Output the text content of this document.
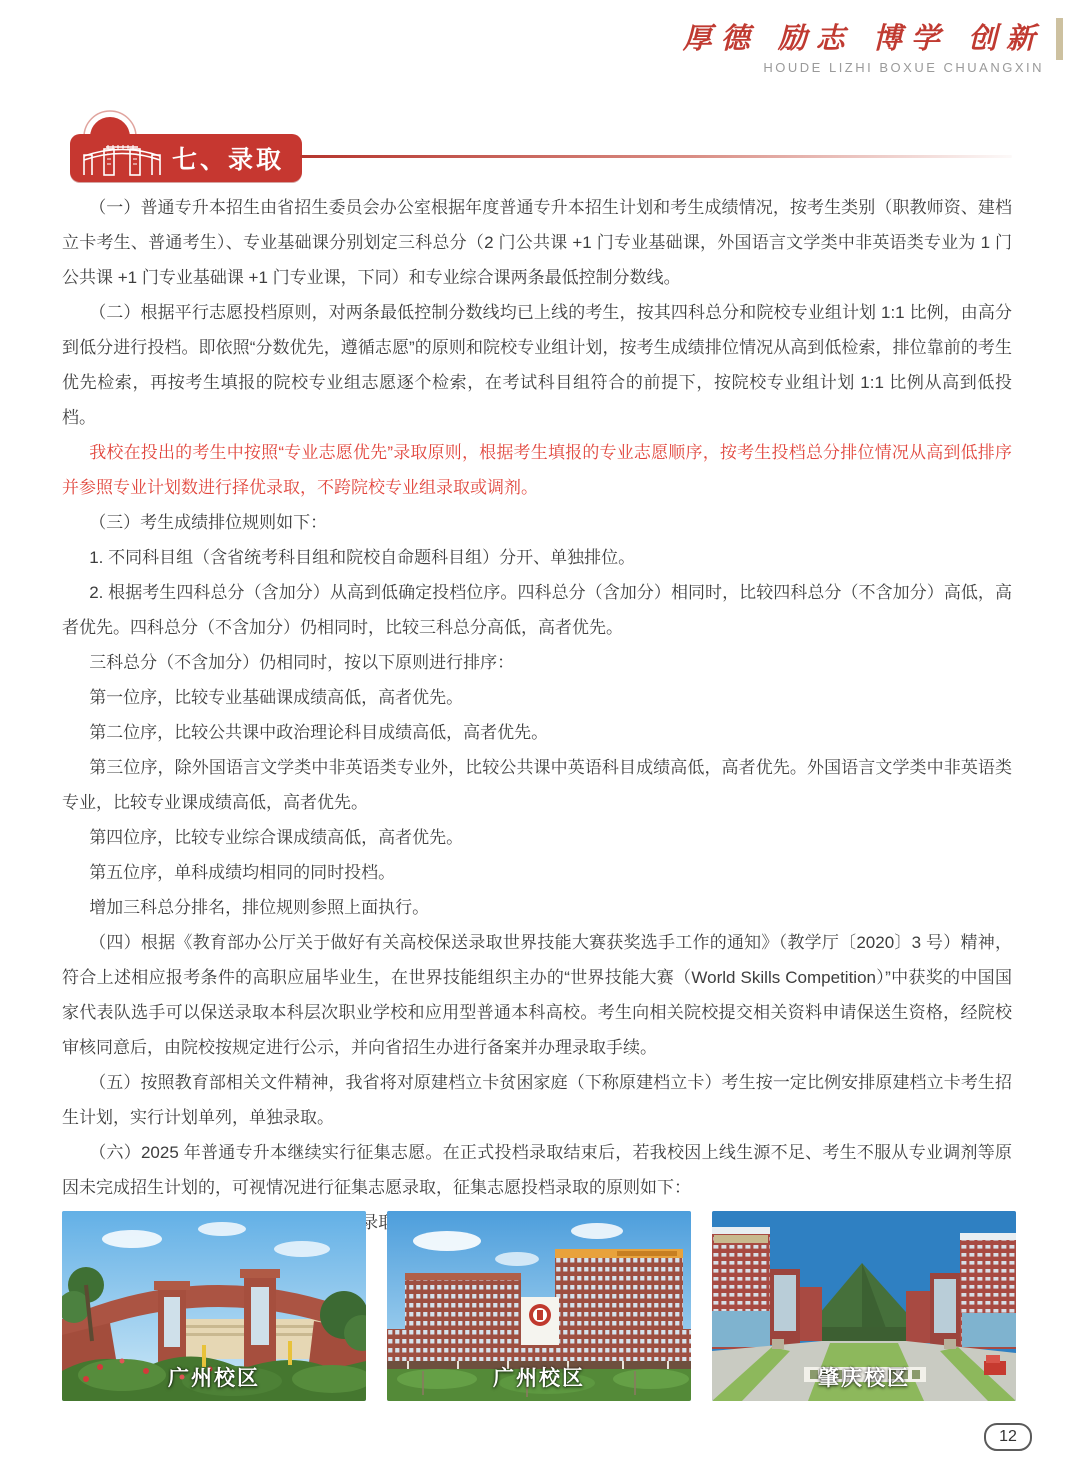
厚德 励志 博学 创新
HOUDE LIZHI BOXUE CHUANGXIN
七、录取

（一）普通专升本招生由省招生委员会办公室根据年度普通专升本招生计划和考生成绩情况，按考生类别（职教师资、建档立卡考生、普通考生）、专业基础课分别划定三科总分（2 门公共课 +1 门专业基础课，外国语言文学类中非英语类专业为 1 门公共课 +1 门专业基础课 +1 门专业课，下同）和专业综合课两条最低控制分数线。

（二）根据平行志愿投档原则，对两条最低控制分数线均已上线的考生，按其四科总分和院校专业组计划 1:1 比例，由高分到低分进行投档。即依照“分数优先，遵循志愿”的原则和院校专业组计划，按考生成绩排位情况从高到低检索，排位靠前的考生优先检索，再按考生填报的院校专业组志愿逐个检索，在考试科目组符合的前提下，按院校专业组计划 1:1 比例从高到低投档。

我校在投出的考生中按照“专业志愿优先”录取原则，根据考生填报的专业志愿顺序，按考生投档总分排位情况从高到低排序并参照专业计划数进行择优录取，不跨院校专业组录取或调剂。

（三）考生成绩排位规则如下：

1. 不同科目组（含省统考科目组和院校自命题科目组）分开、单独排位。

2. 根据考生四科总分（含加分）从高到低确定投档位序。四科总分（含加分）相同时，比较四科总分（不含加分）高低，高者优先。四科总分（不含加分）仍相同时，比较三科总分高低，高者优先。

三科总分（不含加分）仍相同时，按以下原则进行排序：

第一位序，比较专业基础课成绩高低，高者优先。

第二位序，比较公共课中政治理论科目成绩高低，高者优先。

第三位序，除外国语言文学类中非英语类专业外，比较公共课中英语科目成绩高低，高者优先。外国语言文学类中非英语类专业，比较专业课成绩高低，高者优先。

第四位序，比较专业综合课成绩高低，高者优先。

第五位序，单科成绩均相同的同时投档。

增加三科总分排名，排位规则参照上面执行。

（四）根据《教育部办公厅关于做好有关高校保送录取世界技能大赛获奖选手工作的通知》（教学厅〔2020〕3 号）精神，符合上述相应报考条件的高职应届毕业生，在世界技能组织主办的“世界技能大赛（World Skills Competition）”中获奖的中国国家代表队选手可以保送录取本科层次职业学校和应用型普通本科高校。考生向相关院校提交相关资料申请保送生资格，经院校审核同意后，由院校按规定进行公示，并向省招生办进行备案并办理录取手续。

（五）按照教育部相关文件精神，我省将对原建档立卡贫困家庭（下称原建档立卡）考生按一定比例安排原建档立卡考生招生计划，实行计划单列，单独录取。

（六）2025 年普通专升本继续实行征集志愿。在正式投档录取结束后，若我校因上线生源不足、考生不服从专业调剂等原因未完成招生计划的，可视情况进行征集志愿录取，征集志愿投档录取的原则如下：

广州校区	广州校区	肇庆校区
12
